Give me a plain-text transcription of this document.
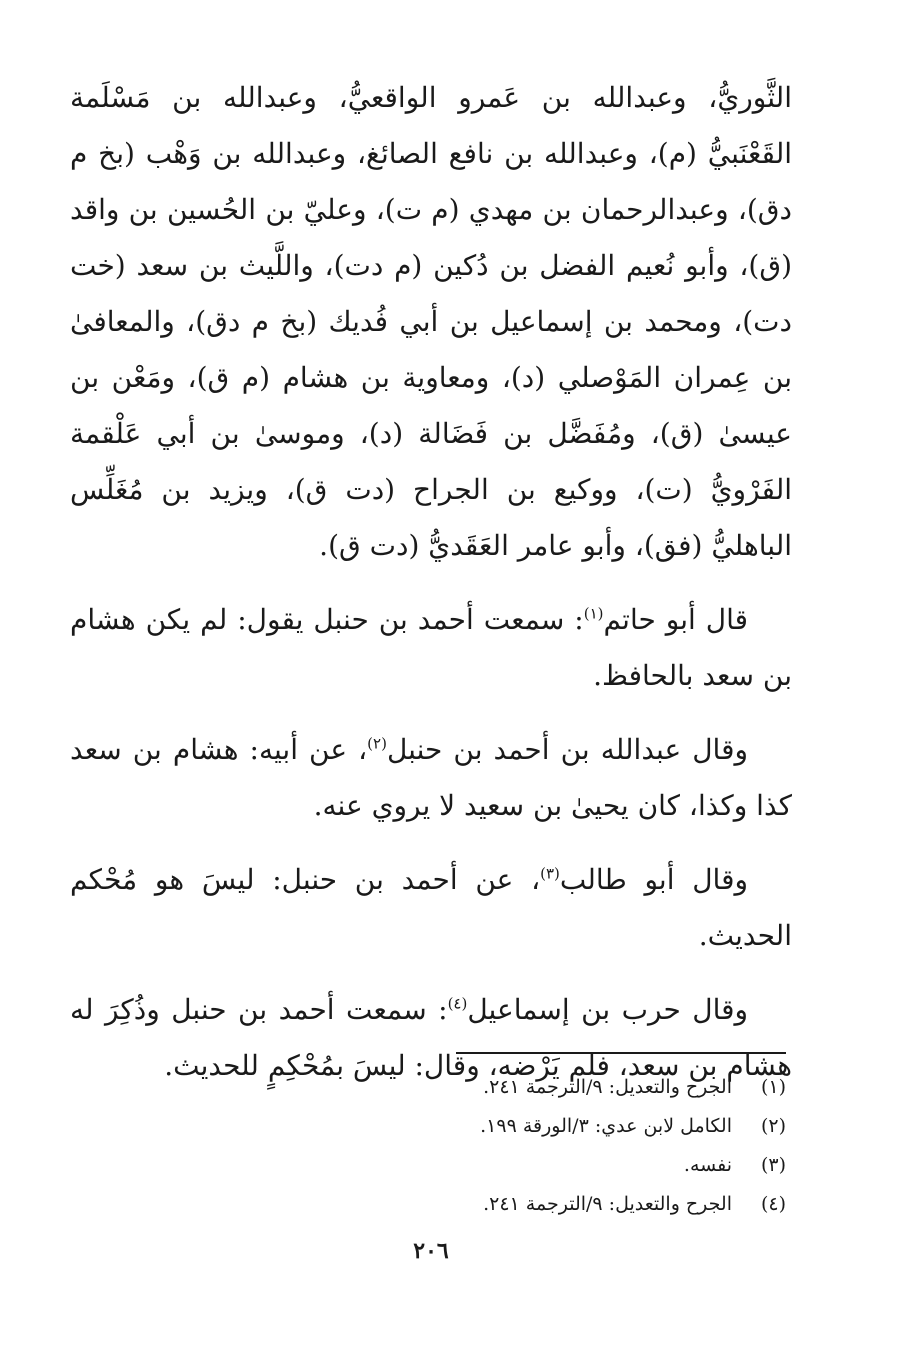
الثَّوريُّ، وعبدالله بن عَمرو الواقعيُّ، وعبدالله بن مَسْلَمة القَعْنَبيُّ (م)، وعبدالله بن نافع الصائغ، وعبدالله بن وَهْب (بخ م دق)، وعبدالرحمان بن مهدي (م ت)، وعليّ بن الحُسين بن واقد (ق)، وأبو نُعيم الفضل بن دُكين (م دت)، واللَّيث بن سعد (خت دت)، ومحمد بن إسماعيل بن أبي فُديك (بخ م دق)، والمعافىٰ بن عِمران المَوْصلي (د)، ومعاوية بن هشام (م ق)، ومَعْن بن عيسىٰ (ق)، ومُفَضَّل بن فَضَالة (د)، وموسىٰ بن أبي عَلْقمة الفَرْويُّ (ت)، ووكيع بن الجراح (دت ق)، ويزيد بن مُغَلِّس الباهليُّ (فق)، وأبو عامر العَقَديُّ (دت ق).

قال أبو حاتم$^{(١)}$: سمعت أحمد بن حنبل يقول: لم يكن هشام بن سعد بالحافظ.

وقال عبدالله بن أحمد بن حنبل$^{(٢)}$، عن أبيه: هشام بن سعد كذا وكذا، كان يحيىٰ بن سعيد لا يروي عنه.

وقال أبو طالب$^{(٣)}$، عن أحمد بن حنبل: ليسَ هو مُحْكم الحديث.

وقال حرب بن إسماعيل$^{(٤)}$: سمعت أحمد بن حنبل وذُكِرَ له هشام بن سعد، فلم يَرْضه، وقال: ليسَ بمُحْكِمٍ للحديث.

(١)
الجرح والتعديل: ٩/الترجمة ٢٤١.
(٢)
الكامل لابن عدي: ٣/الورقة ١٩٩.
(٣)
نفسه.
(٤)
الجرح والتعديل: ٩/الترجمة ٢٤١.
٢٠٦
